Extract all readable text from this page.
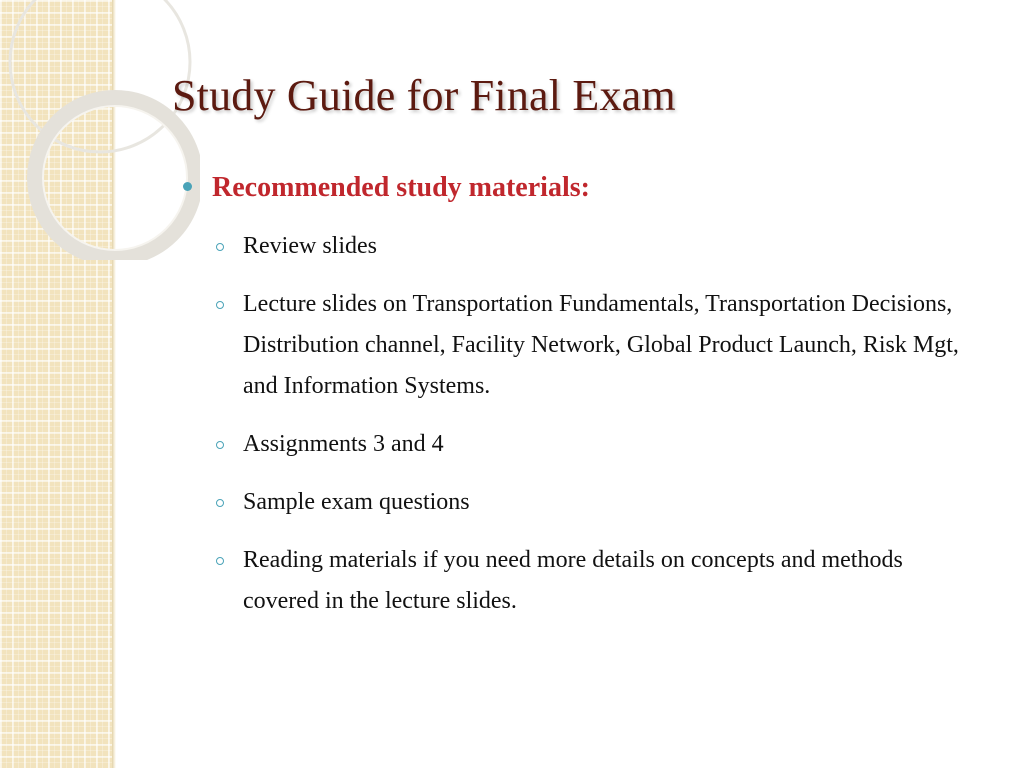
Study Guide for Final Exam
Recommended study materials:
Review slides
Lecture slides on Transportation Fundamentals, Transportation Decisions, Distribution channel, Facility Network, Global Product Launch, Risk Mgt, and Information Systems.
Assignments 3 and 4
Sample exam questions
Reading materials if you need more details on concepts and methods covered in the lecture slides.
